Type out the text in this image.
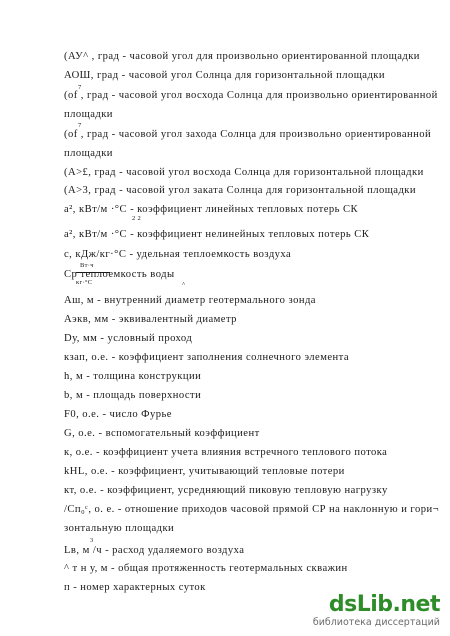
(АУ^ , град - часовой угол для произвольно ориентированной площадки
АОШ, град - часовой угол Солнца для горизонтальной площадки
(of , град - часовой угол восхода Солнца для произвольно ориентированной
7
площадки
(of , град - часовой угол захода Солнца для произвольно ориентированной
7
площадки
(А>£, град - часовой угол восхода Солнца для горизонтальной площадки
(А>3, град - часовой угол заката Солнца для горизонтальной площадки
а², кВт/м ·°С - коэффициент линейных тепловых потерь СК
2 2
а², кВт/м ·°С - коэффициент нелинейных тепловых потерь СК
с, кДж/кг·°С - удельная теплоемкость воздуха
Вт·ч
Cp теплоемкость воды
кг·°С	^
Аш, м - внутренний диаметр геотермального зонда
Аэкв, мм - эквивалентный диаметр
Dу, мм - условный проход
кзап, о.е. - коэффициент заполнения солнечного элемента
h, м - толщина конструкции
b, м - площадь поверхности
F0, о.е. - число Фурье
G, о.е. - вспомогательный коэффициент
к, о.е. - коэффициент учета влияния встречного теплового потока
kHL, о.е. - коэффициент, учитывающий тепловые потери
кт, о.е. - коэффициент, усредняющий пиковую тепловую нагрузку
/Сп₀ᶜ, о. е. - отношение приходов часовой прямой СР на наклонную и гори¬
зонтальную площадки
Lв, м /ч - расход удаляемого воздуха
3
^ т н у, м - общая протяженность геотермальных скважин
п - номер характерных суток
dsLib.net
библиотека диссертаций
